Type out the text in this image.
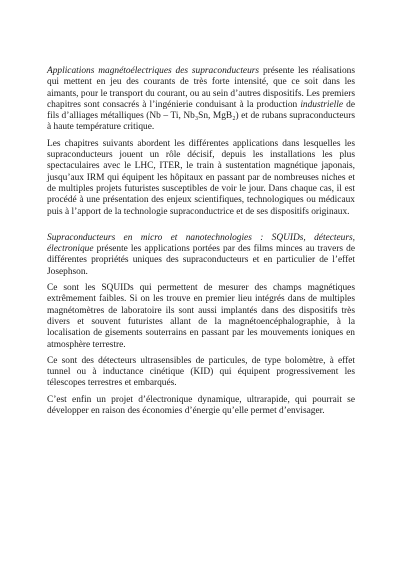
Applications magnétoélectriques des supraconducteurs présente les réalisations qui mettent en jeu des courants de très forte intensité, que ce soit dans les aimants, pour le transport du courant, ou au sein d’autres dispositifs. Les premiers chapitres sont consacrés à l’ingénierie conduisant à la production industrielle de fils d’alliages métalliques (Nb – Ti, Nb₃Sn, MgB₂) et de rubans supraconducteurs à haute température critique.

Les chapitres suivants abordent les différentes applications dans lesquelles les supraconducteurs jouent un rôle décisif, depuis les installations les plus spectaculaires avec le LHC, ITER, le train à sustentation magnétique japonais, jusqu’aux IRM qui équipent les hôpitaux en passant par de nombreuses niches et de multiples projets futuristes susceptibles de voir le jour. Dans chaque cas, il est procédé à une présentation des enjeux scientifiques, technologiques ou médicaux puis à l’apport de la technologie supraconductrice et de ses dispositifs originaux.

Supraconducteurs en micro et nanotechnologies : SQUIDs, détecteurs, électronique présente les applications portées par des films minces au travers de différentes propriétés uniques des supraconducteurs et en particulier de l’effet Josephson.

Ce sont les SQUIDs qui permettent de mesurer des champs magnétiques extrêmement faibles. Si on les trouve en premier lieu intégrés dans de multiples magnétomètres de laboratoire ils sont aussi implantés dans des dispositifs très divers et souvent futuristes allant de la magnétoencéphalographie, à la localisation de gisements souterrains en passant par les mouvements ioniques en atmosphère terrestre.

Ce sont des détecteurs ultrasensibles de particules, de type bolomètre, à effet tunnel ou à inductance cinétique (KID) qui équipent progressivement les télescopes terrestres et embarqués.

C’est enfin un projet d’électronique dynamique, ultrarapide, qui pourrait se développer en raison des économies d’énergie qu’elle permet d’envisager.
